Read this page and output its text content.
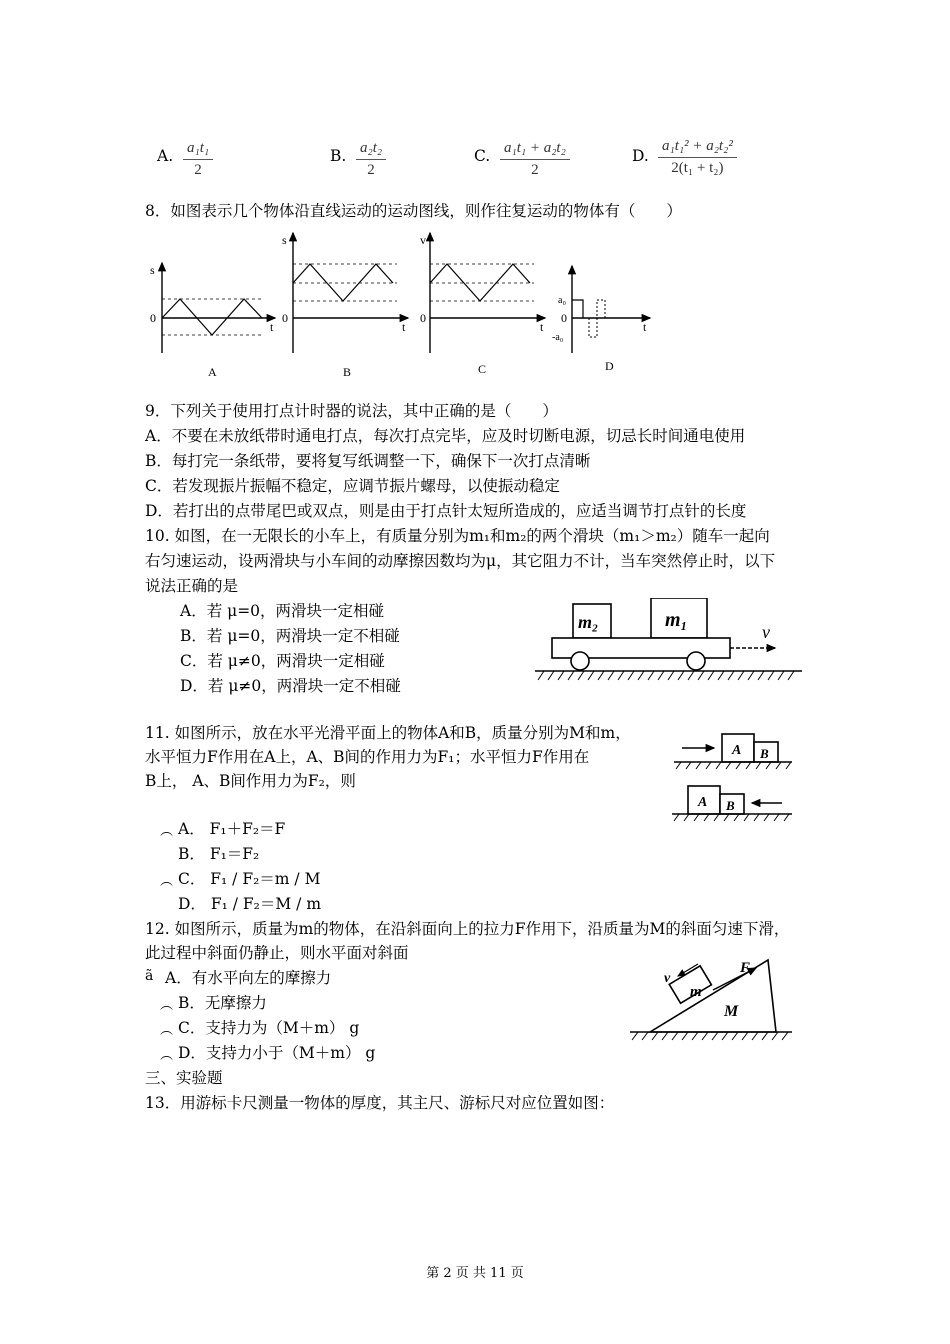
A. $\frac{\text{a₁t₁}}{2}$	B. $\frac{\text{a₂t₂}}{2}$	C. $\frac{\text{a₁t₁ + a₂t₂}}{2}$	D. $\frac{\text{a₁t₁² + a₂t₂²}}{\text{2(t₁ + t₂)}}$
8．如图表示几个物体沿直线运动的运动图线，则作往复运动的物体有（　　）
s
0
t
A
s
0
t
B
v
0
t
C
a₀
0
-a₀
t
D
9．下列关于使用打点计时器的说法，其中正确的是（　　）
A．不要在未放纸带时通电打点，每次打点完毕，应及时切断电源，切忌长时间通电使用
B．每打完一条纸带，要将复写纸调整一下，确保下一次打点清晰
C．若发现振片振幅不稳定，应调节振片螺母，以使振动稳定
D．若打出的点带尾巴或双点，则是由于打点针太短所造成的，应适当调节打点针的长度
10. 如图，在一无限长的小车上，有质量分别为m₁和m₂的两个滑块（m₁＞m₂）随车一起向
右匀速运动，设两滑块与小车间的动摩擦因数均为μ，其它阻力不计，当车突然停止时，以下
说法正确的是
A．若 μ=0，两滑块一定相碰
B．若 μ=0，两滑块一定不相碰
C．若 μ≠0，两滑块一定相碰
D．若 μ≠0，两滑块一定不相碰
m₂	m₁
v
11. 如图所示，放在水平光滑平面上的物体A和B，质量分别为M和m，
水平恒力F作用在A上，A、B间的作用力为F₁；水平恒力F作用在
B上， A、B间作用力为F₂，则
︵ A． F₁＋F₂＝F
B． F₁＝F₂
︵ C． F₁ / F₂＝m / M
D． F₁ / F₂＝M / m
A B
A B
12. 如图所示，质量为m的物体，在沿斜面向上的拉力F作用下，沿质量为M的斜面匀速下滑，
此过程中斜面仍静止，则水平面对斜面
ã A．有水平向左的摩擦力
︵ B．无摩擦力
︵ C．支持力为（M＋m） g
︵ D．支持力小于（M＋m） g
v
F
m
M
三、实验题
13．用游标卡尺测量一物体的厚度，其主尺、游标尺对应位置如图：
第 2 页 共 11 页
